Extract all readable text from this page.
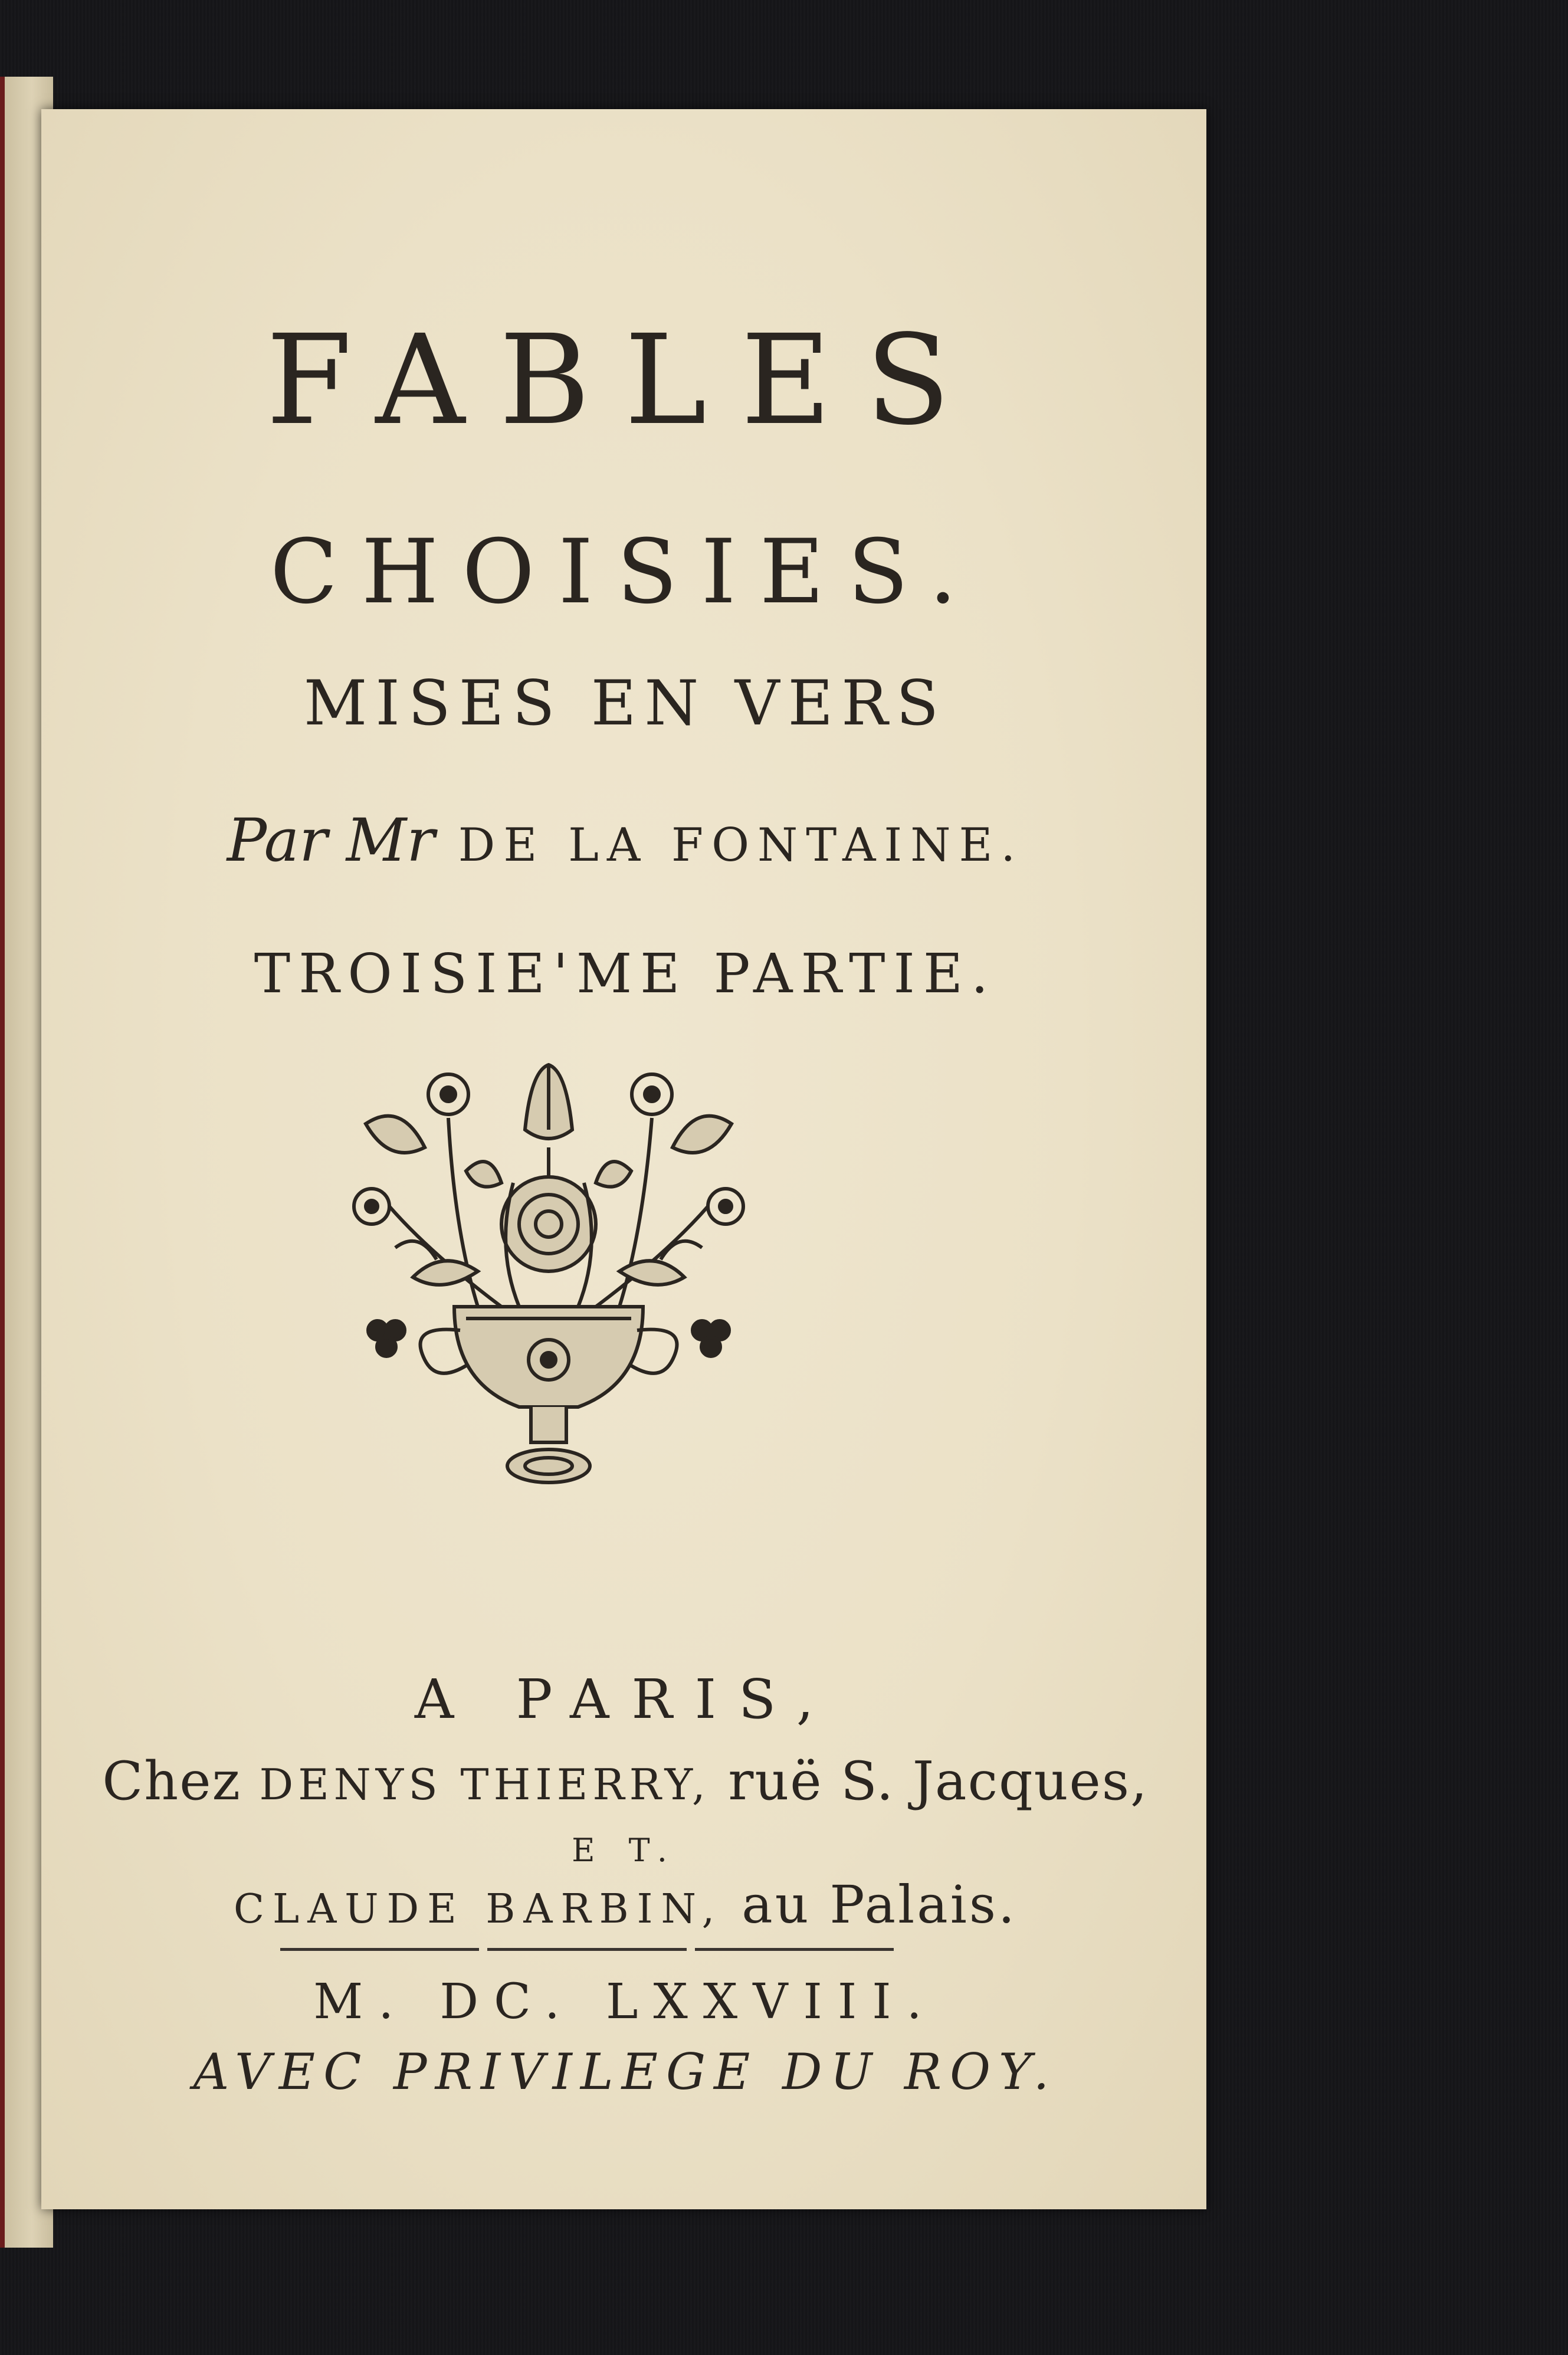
FABLES
CHOISIES.
MISES EN VERS
Par Mr DE LA FONTAINE.
TROISIE'ME PARTIE.
A PARIS,
Chez DENYS THIERRY, ruë S. Jacques,
E T.
CLAUDE BARBIN, au Palais.
M. DC. LXXVIII.
AVEC PRIVILEGE DU ROY.
